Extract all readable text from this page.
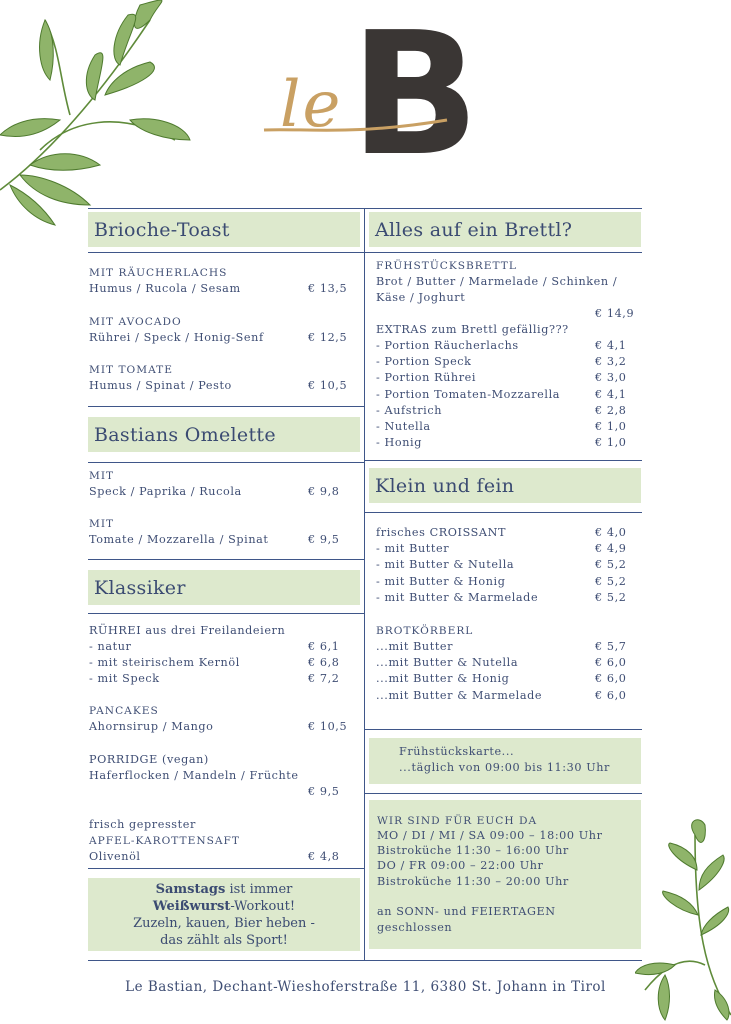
B
le
Brioche-Toast
MIT RÄUCHERLACHS
Humus / Rucola / Sesam	€ 13,5
MIT AVOCADO
Rührei / Speck / Honig-Senf	€ 12,5
MIT TOMATE
Humus / Spinat / Pesto	€ 10,5
Bastians Omelette
MIT
Speck / Paprika / Rucola	€ 9,8
MIT
Tomate / Mozzarella / Spinat	€ 9,5
Klassiker
RÜHREI aus drei Freilandeiern
- natur	€ 6,1
- mit steirischem Kernöl	€ 6,8
- mit Speck	€ 7,2
PANCAKES
Ahornsirup / Mango	€ 10,5
PORRIDGE (vegan)
Haferflocken / Mandeln / Früchte
€ 9,5
frisch gepresster
APFEL-KAROTTENSAFT
Olivenöl	€ 4,8
Samstags ist immer
Weißwurst-Workout!
Zuzeln, kauen, Bier heben -
das zählt als Sport!
Alles auf ein Brettl?
FRÜHSTÜCKSBRETTL
Brot / Butter / Marmelade / Schinken /
Käse / Joghurt
€ 14,9
EXTRAS zum Brettl gefällig???
- Portion Räucherlachs	€ 4,1
- Portion Speck	€ 3,2
- Portion Rührei	€ 3,0
- Portion Tomaten-Mozzarella	€ 4,1
- Aufstrich	€ 2,8
- Nutella	€ 1,0
- Honig	€ 1,0
Klein und fein
frisches CROISSANT	€ 4,0
- mit Butter	€ 4,9
- mit Butter & Nutella	€ 5,2
- mit Butter & Honig	€ 5,2
- mit Butter & Marmelade	€ 5,2
BROTKÖRBERL
...mit Butter	€ 5,7
...mit Butter & Nutella	€ 6,0
...mit Butter & Honig	€ 6,0
...mit Butter & Marmelade	€ 6,0
Frühstückskarte...
...täglich von 09:00 bis 11:30 Uhr
WIR SIND FÜR EUCH DA
MO / DI / MI / SA 09:00 – 18:00 Uhr
Bistroküche 11:30 – 16:00 Uhr
DO / FR 09:00 – 22:00 Uhr
Bistroküche 11:30 – 20:00 Uhr
an SONN- und FEIERTAGEN
geschlossen
Le Bastian, Dechant-Wieshoferstraße 11, 6380 St. Johann in Tirol
